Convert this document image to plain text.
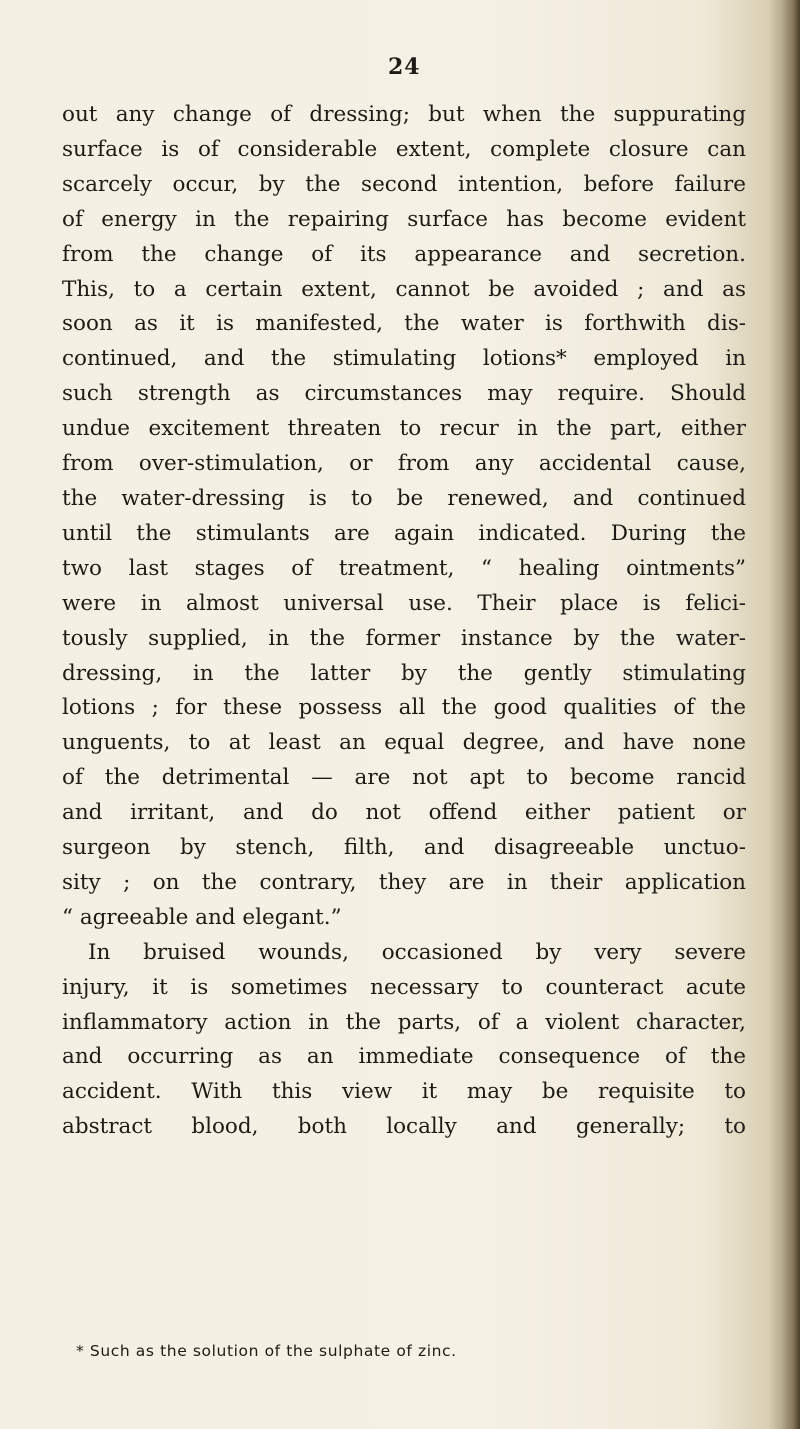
24
out any change of dressing; but when the suppurating
surface is of considerable extent, complete closure can
scarcely occur, by the second intention, before failure
of energy in the repairing surface has become evident
from the change of its appearance and secretion.
This, to a certain extent, cannot be avoided ; and as
soon as it is manifested, the water is forthwith dis-
continued, and the stimulating lotions* employed in
such strength as circumstances may require. Should
undue excitement threaten to recur in the part, either
from over-stimulation, or from any accidental cause,
the water-dressing is to be renewed, and continued
until the stimulants are again indicated. During the
two last stages of treatment, “ healing ointments”
were in almost universal use. Their place is felici-
tously supplied, in the former instance by the water-
dressing, in the latter by the gently stimulating
lotions ; for these possess all the good qualities of the
unguents, to at least an equal degree, and have none
of the detrimental — are not apt to become rancid
and irritant, and do not offend either patient or
surgeon by stench, filth, and disagreeable unctuo-
sity ; on the contrary, they are in their application
“ agreeable and elegant.”
In bruised wounds, occasioned by very severe
injury, it is sometimes necessary to counteract acute
inflammatory action in the parts, of a violent character,
and occurring as an immediate consequence of the
accident. With this view it may be requisite to
abstract blood, both locally and generally; to
* Such as the solution of the sulphate of zinc.
